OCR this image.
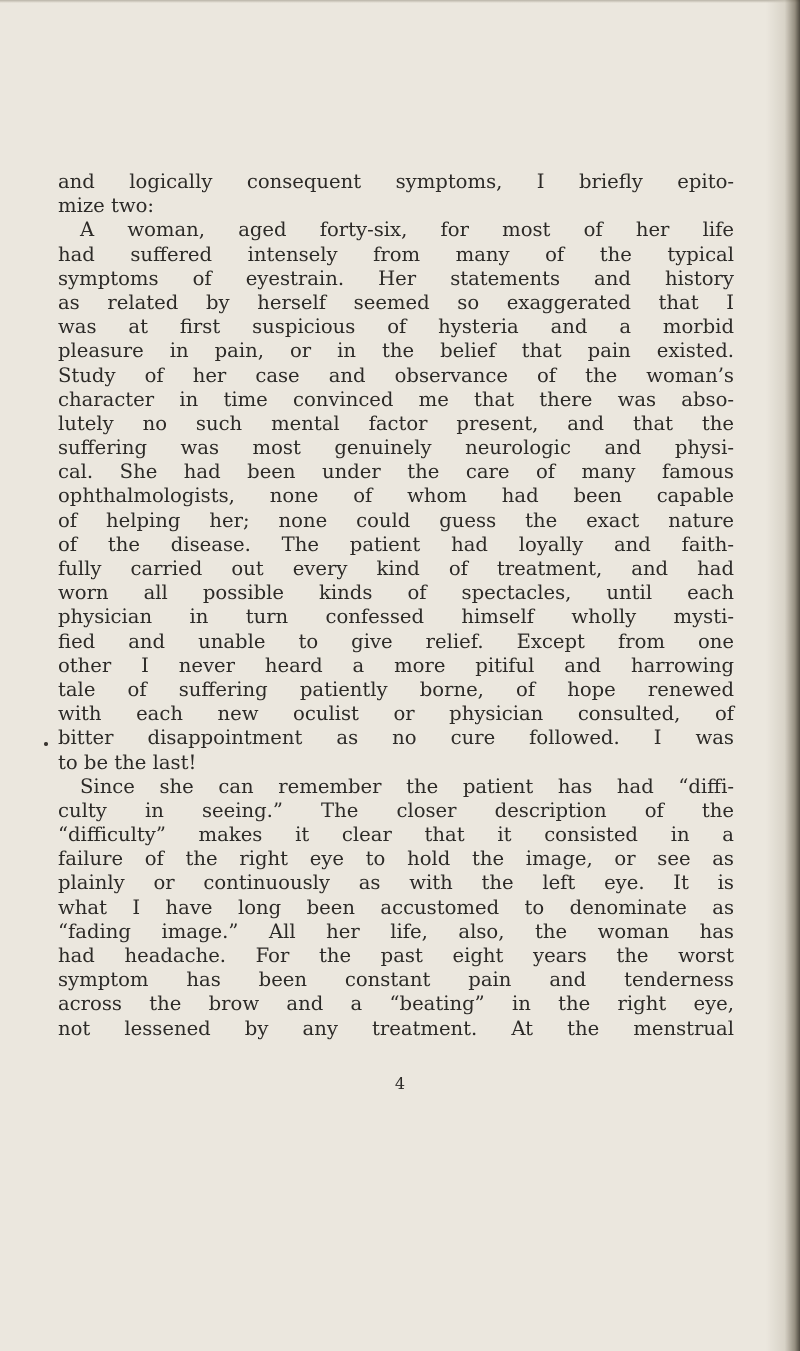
and logically consequent symptoms, I briefly epito-
mize two:
A woman, aged forty-six, for most of her life
had suffered intensely from many of the typical
symptoms of eyestrain. Her statements and history
as related by herself seemed so exaggerated that I
was at first suspicious of hysteria and a morbid
pleasure in pain, or in the belief that pain existed.
Study of her case and observance of the woman’s
character in time convinced me that there was abso-
lutely no such mental factor present, and that the
suffering was most genuinely neurologic and physi-
cal. She had been under the care of many famous
ophthalmologists, none of whom had been capable
of helping her; none could guess the exact nature
of the disease. The patient had loyally and faith-
fully carried out every kind of treatment, and had
worn all possible kinds of spectacles, until each
physician in turn confessed himself wholly mysti-
fied and unable to give relief. Except from one
other I never heard a more pitiful and harrowing
tale of suffering patiently borne, of hope renewed
with each new oculist or physician consulted, of
bitter disappointment as no cure followed. I was
to be the last!
Since she can remember the patient has had “diffi-
culty in seeing.” The closer description of the
“difficulty” makes it clear that it consisted in a
failure of the right eye to hold the image, or see as
plainly or continuously as with the left eye. It is
what I have long been accustomed to denominate as
“fading image.” All her life, also, the woman has
had headache. For the past eight years the worst
symptom has been constant pain and tenderness
across the brow and a “beating” in the right eye,
not lessened by any treatment. At the menstrual
4
